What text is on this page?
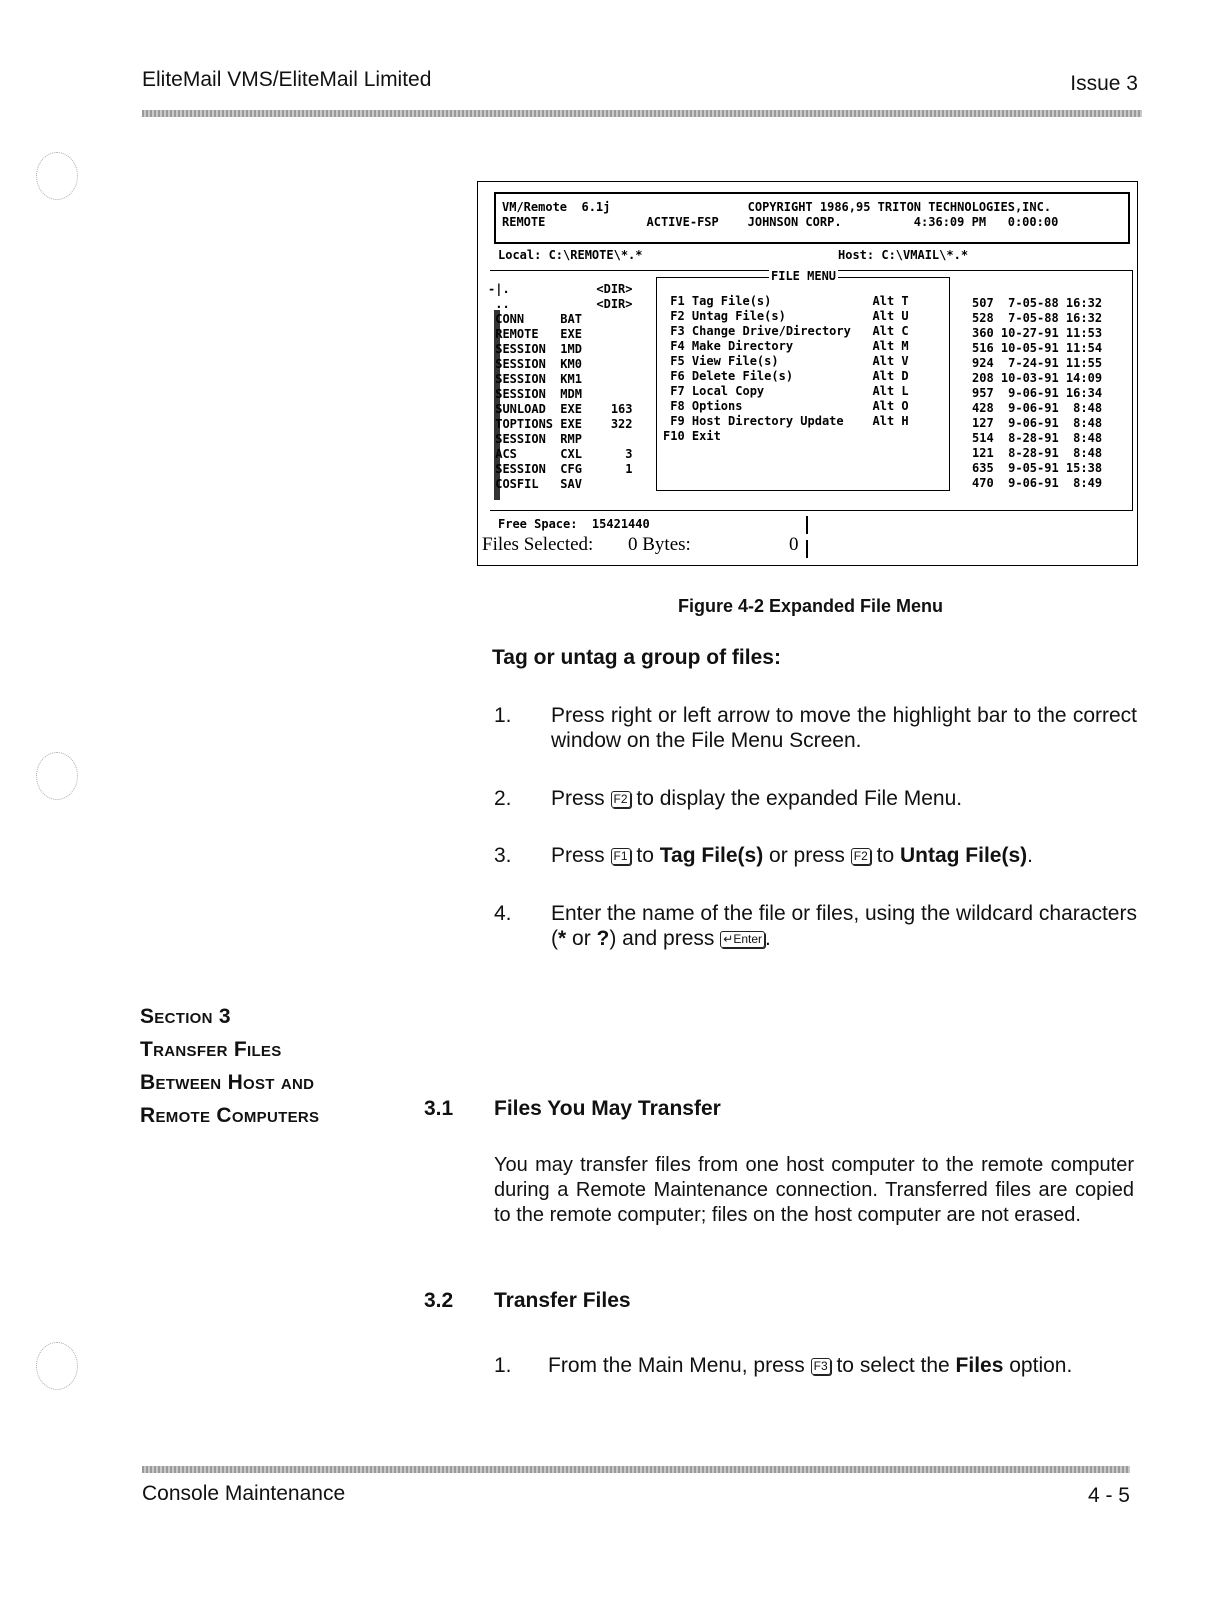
EliteMail VMS/EliteMail Limited	Issue 3
VM/Remote  6.1j                   COPYRIGHT 1986,95 TRITON TECHNOLOGIES,INC.
REMOTE              ACTIVE-FSP    JOHNSON CORP.          4:36:09 PM   0:00:00
Local: C:\REMOTE\*.*	Host: C:\VMAIL\*.*
-|.            <DIR>
..            <DIR>
CONN     BAT
REMOTE   EXE
SESSION  1MD
SESSION  KM0
SESSION  KM1
SESSION  MDM
SUNLOAD  EXE    163
TOPTIONS EXE    322
SESSION  RMP
ACS      CXL      3
SESSION  CFG      1
COSFIL   SAV
FILE MENU
F1 Tag File(s)              Alt T
F2 Untag File(s)            Alt U
F3 Change Drive/Directory   Alt C
F4 Make Directory           Alt M
F5 View File(s)             Alt V
F6 Delete File(s)           Alt D
F7 Local Copy               Alt L
F8 Options                  Alt O
F9 Host Directory Update    Alt H
F10 Exit
507  7-05-88 16:32
528  7-05-88 16:32
360 10-27-91 11:53
516 10-05-91 11:54
924  7-24-91 11:55
208 10-03-91 14:09
957  9-06-91 16:34
428  9-06-91  8:48
127  9-06-91  8:48
514  8-28-91  8:48
121  8-28-91  8:48
635  9-05-91 15:38
470  9-06-91  8:49
Free Space:  15421440
Files Selected: 0 Bytes:	0
Figure 4-2 Expanded File Menu
Tag or untag a group of files:
1.	Press right or left arrow to move the highlight bar to the correct window on the File Menu Screen.
2.	Press F2 to display the expanded File Menu.
3.	Press F1 to Tag File(s) or press F2 to Untag File(s).
4.	Enter the name of the file or files, using the wildcard characters (* or ?) and press ↵Enter .
Section 3
Transfer Files
Between Host and
Remote Computers	3.1 Files You May Transfer
You may transfer files from one host computer to the remote computer during a Remote Maintenance connection. Transferred files are copied to the remote computer; files on the host computer are not erased.
3.2 Transfer Files
1.	From the Main Menu, press F3 to select the Files option.
Console Maintenance	4 - 5
